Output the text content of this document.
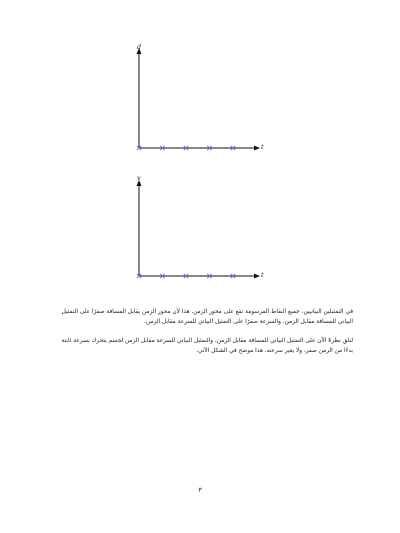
d
t
v
t

في التمثيلين البيانيين، جميع النقاط المرسومة تقع على محور الزمن. هذا لأن محور الزمن يقابل المسافة صفرًا على التمثيل البياني للمسافة مقابل الزمن، والسرعة صفرًا على التمثيل البياني للسرعة مقابل الزمن.

لنلقِ نظرةً الآن على التمثيل البياني للمسافة مقابل الزمن، والتمثيل البياني للسرعة مقابل الزمن لجسم يتحرك بسرعة ثابتة بدءًا من الزمن صفر، ولا يغير سرعته. هذا موضح في الشكل الآتي.

٣
